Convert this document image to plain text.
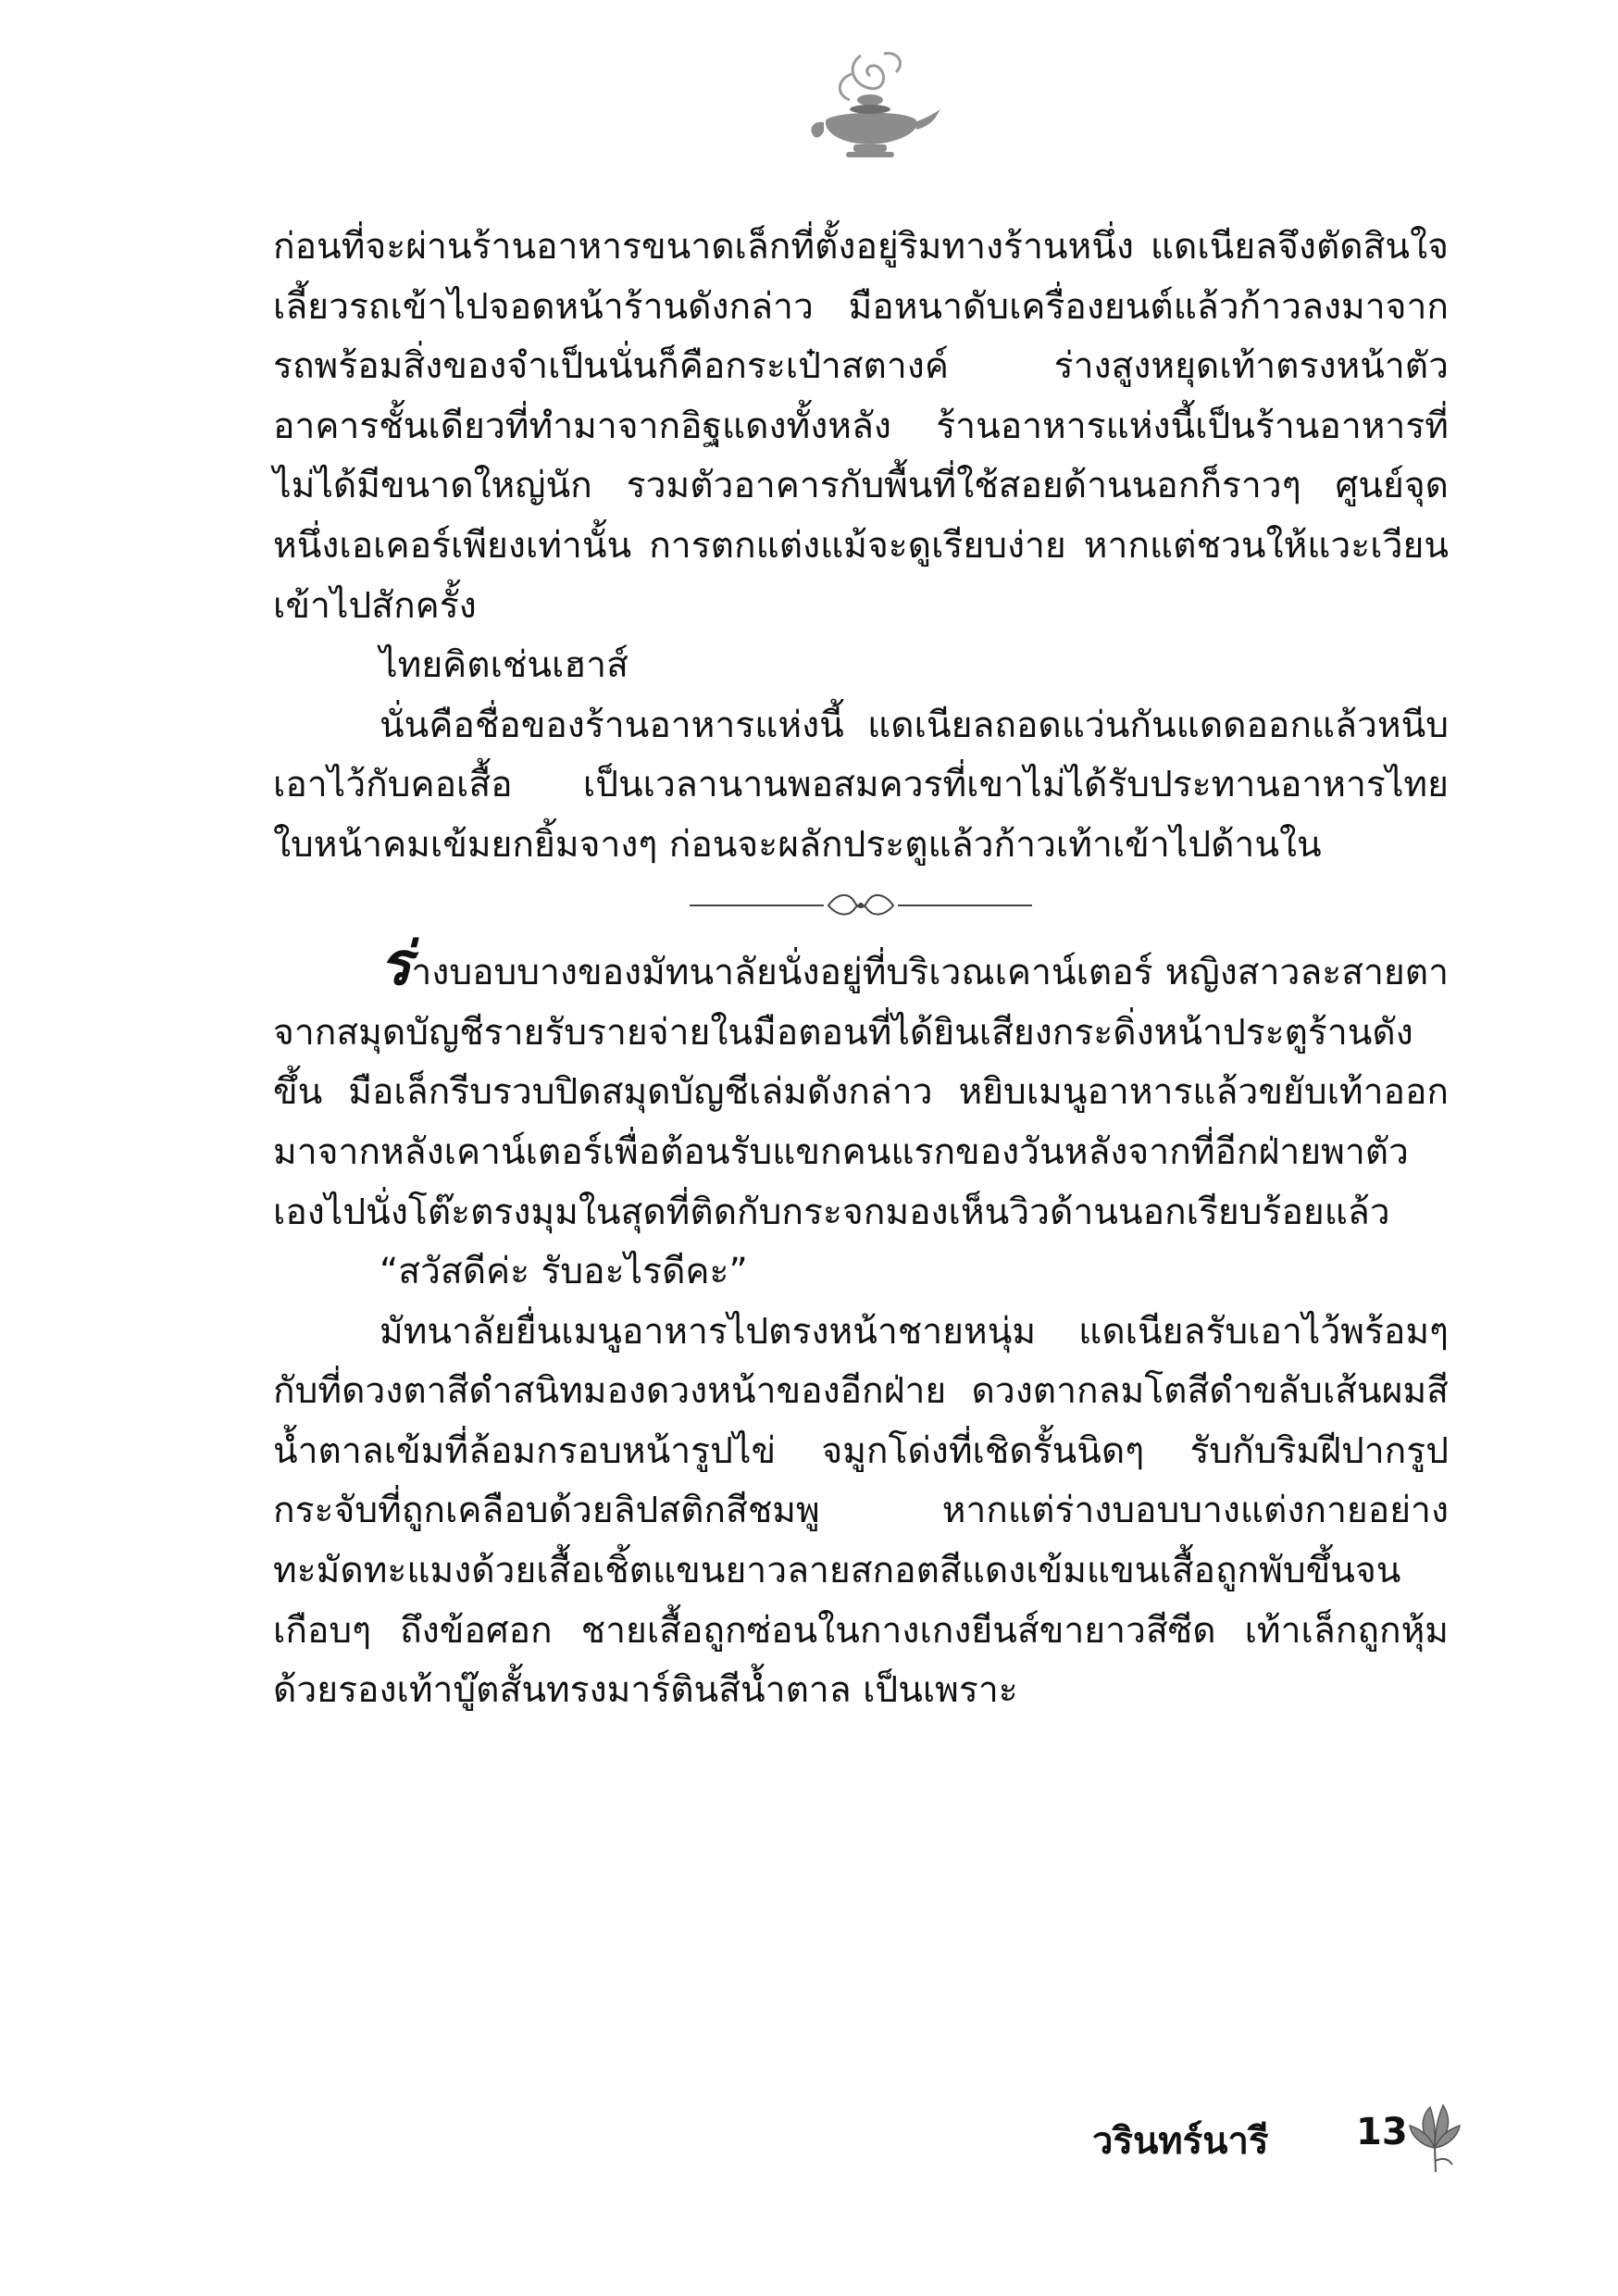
ก่อนที่จะผ่านร้านอาหารขนาดเล็กที่ตั้งอยู่ริมทางร้านหนึ่ง แดเนียลจึงตัดสินใจเลี้ยวรถเข้าไปจอดหน้าร้านดังกล่าว มือหนาดับเครื่องยนต์แล้วก้าวลงมาจากรถพร้อมสิ่งของจำเป็นนั่นก็คือกระเป๋าสตางค์ ร่างสูงหยุดเท้าตรงหน้าตัวอาคารชั้นเดียวที่ทำมาจากอิฐแดงทั้งหลัง ร้านอาหารแห่งนี้เป็นร้านอาหารที่ไม่ได้มีขนาดใหญ่นัก รวมตัวอาคารกับพื้นที่ใช้สอยด้านนอกก็ราวๆ ศูนย์จุดหนึ่งเอเคอร์เพียงเท่านั้น การตกแต่งแม้จะดูเรียบง่าย หากแต่ชวนให้แวะเวียนเข้าไปสักครั้ง

ไทยคิตเช่นเฮาส์

นั่นคือชื่อของร้านอาหารแห่งนี้ แดเนียลถอดแว่นกันแดดออกแล้วหนีบเอาไว้กับคอเสื้อ เป็นเวลานานพอสมควรที่เขาไม่ได้รับประทานอาหารไทย ใบหน้าคมเข้มยกยิ้มจางๆ ก่อนจะผลักประตูแล้วก้าวเท้าเข้าไปด้านใน

ร่างบอบบางของมัทนาลัยนั่งอยู่ที่บริเวณเคาน์เตอร์ หญิงสาวละสายตาจากสมุดบัญชีรายรับรายจ่ายในมือตอนที่ได้ยินเสียงกระดิ่งหน้าประตูร้านดังขึ้น มือเล็กรีบรวบปิดสมุดบัญชีเล่มดังกล่าว หยิบเมนูอาหารแล้วขยับเท้าออกมาจากหลังเคาน์เตอร์เพื่อต้อนรับแขกคนแรกของวันหลังจากที่อีกฝ่ายพาตัวเองไปนั่งโต๊ะตรงมุมในสุดที่ติดกับกระจกมองเห็นวิวด้านนอกเรียบร้อยแล้ว

“สวัสดีค่ะ รับอะไรดีคะ”

มัทนาลัยยื่นเมนูอาหารไปตรงหน้าชายหนุ่ม แดเนียลรับเอาไว้พร้อมๆ กับที่ดวงตาสีดำสนิทมองดวงหน้าของอีกฝ่าย ดวงตากลมโตสีดำขลับเส้นผมสีน้ำตาลเข้มที่ล้อมกรอบหน้ารูปไข่ จมูกโด่งที่เชิดรั้นนิดๆ รับกับริมฝีปากรูปกระจับที่ถูกเคลือบด้วยลิปสติกสีชมพู หากแต่ร่างบอบบางแต่งกายอย่างทะมัดทะแมงด้วยเสื้อเชิ้ตแขนยาวลายสกอตสีแดงเข้มแขนเสื้อถูกพับขึ้นจนเกือบๆ ถึงข้อศอก ชายเสื้อถูกซ่อนในกางเกงยีนส์ขายาวสีซีด เท้าเล็กถูกหุ้มด้วยรองเท้าบู๊ตสั้นทรงมาร์ตินสีน้ำตาล เป็นเพราะ

วรินทร์นารี 13
